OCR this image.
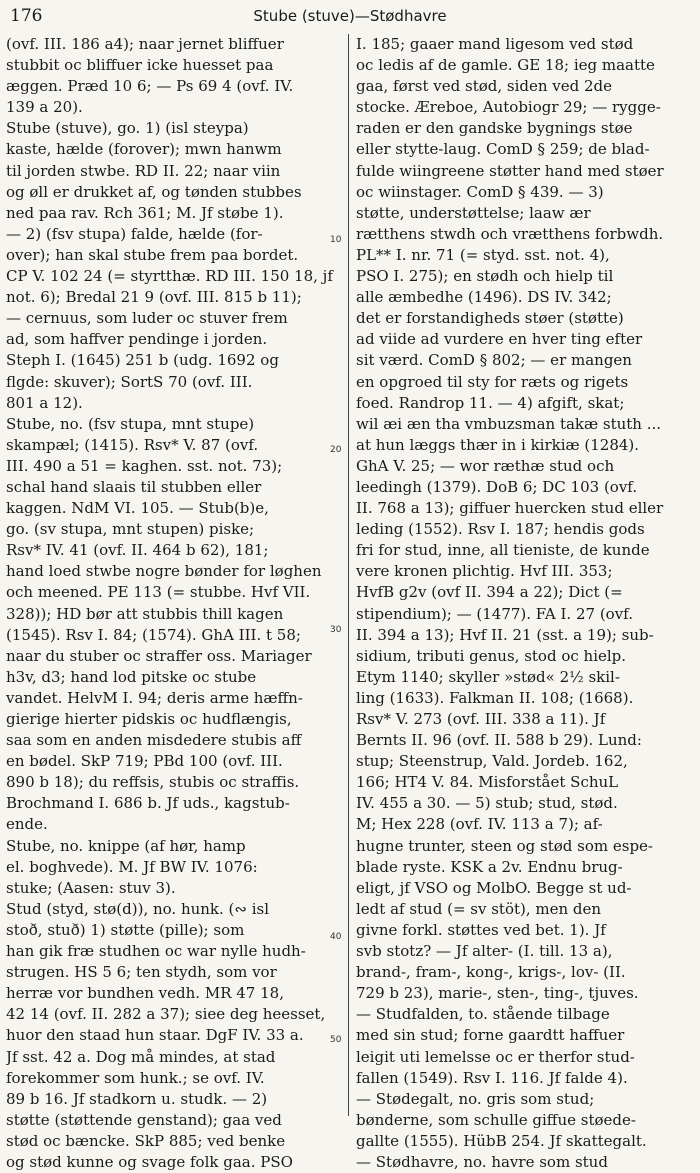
176	Stube (stuve)—Stødhavre
(ovf. III. 186 a4); naar jernet bliffuer
stubbit oc bliffuer icke huesset paa
æggen. Præd 10 6; — Ps 69 4 (ovf. IV.
139 a 20).
Stube (stuve), go. 1) (isl steypa)
kaste, hælde (forover); mwn hanwm
til jorden stwbe. RD II. 22; naar viin
og øll er drukket af, og tønden stubbes
ned paa rav. Rch 361; M. Jf støbe 1).
— 2) (fsv stupa) falde, hælde (for-
over); han skal stube frem paa bordet.
CP V. 102 24 (= styrtthæ. RD III. 150 18, jf
not. 6); Bredal 21 9 (ovf. III. 815 b 11);
— cernuus, som luder oc stuver frem
ad, som haffver pendinge i jorden.
Steph I. (1645) 251 b (udg. 1692 og
flgde: skuver); SortS 70 (ovf. III.
801 a 12).
Stube, no. (fsv stupa, mnt stupe)
skampæl; (1415). Rsv* V. 87 (ovf.
III. 490 a 51 = kaghen. sst. not. 73);
schal hand slaais til stubben eller
kaggen. NdM VI. 105. — Stub(b)e,
go. (sv stupa, mnt stupen) piske;
Rsv* IV. 41 (ovf. II. 464 b 62), 181;
hand loed stwbe nogre bønder for løghen
och meened. PE 113 (= stubbe. Hvf VII.
328)); HD bør att stubbis thill kagen
(1545). Rsv I. 84; (1574). GhA III. t 58;
naar du stuber oc straffer oss. Mariager
h3v, d3; hand lod pitske oc stube
vandet. HelvM I. 94; deris arme hæffn-
gierige hierter pidskis oc hudflængis,
saa som en anden misdedere stubis aff
en bødel. SkP 719; PBd 100 (ovf. III.
890 b 18); du reffsis, stubis oc straffis.
Brochmand I. 686 b. Jf uds., kagstub-
ende.
Stube, no. knippe (af hør, hamp
el. boghvede). M. Jf BW IV. 1076:
stuke; (Aasen: stuv 3).
Stud (styd, stø(d)), no. hunk. (∾ isl
stoð, stuð) 1) støtte (pille); som
han gik fræ studhen oc war nylle hudh-
strugen. HS 5 6; ten stydh, som vor
herræ vor bundhen vedh. MR 47 18,
42 14 (ovf. II. 282 a 37); siee deg heesset,
huor den staad hun staar. DgF IV. 33 a.
Jf sst. 42 a. Dog må mindes, at stad
forekommer som hunk.; se ovf. IV.
89 b 16. Jf stadkorn u. studk. — 2)
støtte (støttende genstand); gaa ved
stød oc bæncke. SkP 885; ved benke
og stød kunne og svage folk gaa. PSO
I. 185; gaaer mand ligesom ved stød
oc ledis af de gamle. GE 18; ieg maatte
gaa, først ved stød, siden ved 2de
stocke. Æreboe, Autobiogr 29; — rygge-
raden er den gandske bygnings støe
eller stytte-laug. ComD § 259; de blad-
fulde wiingreene støtter hand med støer
oc wiinstager. ComD § 439. — 3)
støtte, understøttelse; laaw ær
rætthens stwdh och vrætthens forbwdh.
PL** I. nr. 71 (= styd. sst. not. 4),
PSO I. 275); en stødh och hielp til
alle æmbedhe (1496). DS IV. 342;
det er forstandigheds støer (støtte)
ad viide ad vurdere en hver ting efter
sit værd. ComD § 802; — er mangen
en opgroed til sty for ræts og rigets
foed. Randrop 11. — 4) afgift, skat;
wil æi æn tha vmbuzsman takæ stuth ...
at hun læggs thær in i kirkiæ (1284).
GhA V. 25; — wor ræthæ stud och
leedingh (1379). DoB 6; DC 103 (ovf.
II. 768 a 13); giffuer huercken stud eller
leding (1552). Rsv I. 187; hendis gods
fri for stud, inne, all tieniste, de kunde
vere kronen plichtig. Hvf III. 353;
HvfB g2v (ovf II. 394 a 22); Dict (=
stipendium); — (1477). FA I. 27 (ovf.
II. 394 a 13); Hvf II. 21 (sst. a 19); sub-
sidium, tributi genus, stod oc hielp.
Etym 1140; skyller »stød« 2½ skil-
ling (1633). Falkman II. 108; (1668).
Rsv* V. 273 (ovf. III. 338 a 11). Jf
Bernts II. 96 (ovf. II. 588 b 29). Lund:
stup; Steenstrup, Vald. Jordeb. 162,
166; HT4 V. 84. Misforstået SchuL
IV. 455 a 30. — 5) stub; stud, stød.
M; Hex 228 (ovf. IV. 113 a 7); af-
hugne trunter, steen og stød som espe-
blade ryste. KSK a 2v. Endnu brug-
eligt, jf VSO og MolbO. Begge st ud-
ledt af stud (= sv stöt), men den
givne forkl. støttes ved bet. 1). Jf
svb stotz? — Jf alter- (I. till. 13 a),
brand-, fram-, kong-, krigs-, lov- (II.
729 b 23), marie-, sten-, ting-, tjuves.
— Studfalden, to. stående tilbage
med sin stud; forne gaardtt haffuer
leigit uti lemelsse oc er therfor stud-
fallen (1549). Rsv I. 116. Jf falde 4).
— Stødegalt, no. gris som stud;
bønderne, som schulle giffue støede-
gallte (1555). HübB 254. Jf skattegalt.
— Stødhavre, no. havre som stud
10
20
30
40
50
